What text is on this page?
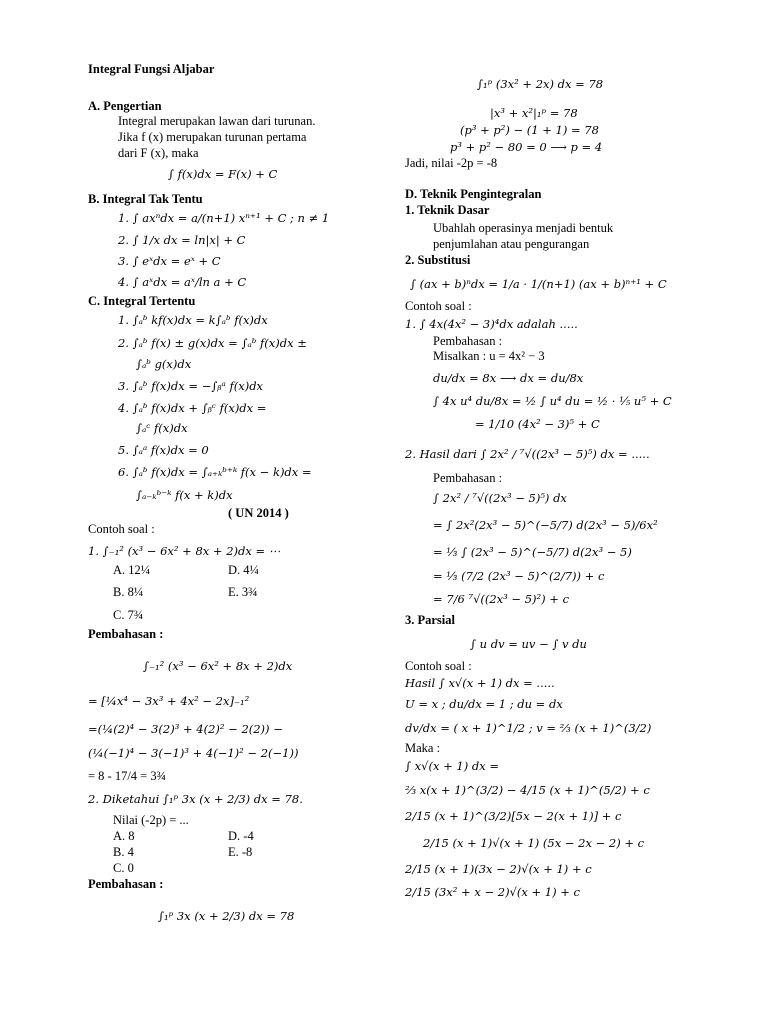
Integral Fungsi Aljabar
A. Pengertian
Integral merupakan lawan dari turunan.
Jika f (x) merupakan turunan pertama
dari F (x), maka
∫ f(x)dx = F(x) + C
B. Integral Tak Tentu
1. ∫ axⁿdx = a/(n+1) xⁿ⁺¹ + C ; n ≠ 1
2. ∫ 1/x dx = ln|x| + C
3. ∫ eˣdx = eˣ + C
4. ∫ aˣdx = aˣ/ln a + C
C. Integral Tertentu
1. ∫ₐᵇ kf(x)dx = k∫ₐᵇ f(x)dx
2. ∫ₐᵇ f(x) ± g(x)dx = ∫ₐᵇ f(x)dx ±
∫ₐᵇ g(x)dx
3. ∫ₐᵇ f(x)dx = −∫ᵦᵃ f(x)dx
4. ∫ₐᵇ f(x)dx + ∫ᵦᶜ f(x)dx =
∫ₐᶜ f(x)dx
5. ∫ₐᵃ f(x)dx = 0
6. ∫ₐᵇ f(x)dx = ∫ₐ₊ₖᵇ⁺ᵏ f(x − k)dx =
∫ₐ₋ₖᵇ⁻ᵏ f(x + k)dx
( UN 2014 )
Contoh soal :
1. ∫₋₁² (x³ − 6x² + 8x + 2)dx = ⋯
A. 12¼	D. 4¼
B. 8¼	E. 3¾
C. 7¾
Pembahasan :
∫₋₁² (x³ − 6x² + 8x + 2)dx
= [¼x⁴ − 3x³ + 4x² − 2x]₋₁²
=(¼(2)⁴ − 3(2)³ + 4(2)² − 2(2)) −
(¼(−1)⁴ − 3(−1)³ + 4(−1)² − 2(−1))
= 8 - 17/4 = 3¾
2. Diketahui ∫₁ᵖ 3x (x + 2/3) dx = 78.
Nilai (-2p) = ...
A. 8	D. -4
B. 4	E. -8
C. 0
Pembahasan :
∫₁ᵖ 3x (x + 2/3) dx = 78
∫₁ᵖ (3x² + 2x) dx = 78
|x³ + x²|₁ᵖ = 78
(p³ + p²) − (1 + 1) = 78
p³ + p² − 80 = 0 ⟶ p = 4
Jadi, nilai -2p = -8
D. Teknik Pengintegralan
1. Teknik Dasar
Ubahlah operasinya menjadi bentuk
penjumlahan atau pengurangan
2. Substitusi
∫ (ax + b)ⁿdx = 1/a · 1/(n+1) (ax + b)ⁿ⁺¹ + C
Contoh soal :
1. ∫ 4x(4x² − 3)⁴dx adalah .....
Pembahasan :
Misalkan : u = 4x² − 3
du/dx = 8x ⟶ dx = du/8x
∫ 4x u⁴ du/8x = ½ ∫ u⁴ du = ½ · ⅕ u⁵ + C
= 1/10 (4x² − 3)⁵ + C
2. Hasil dari ∫ 2x² / ⁷√((2x³ − 5)⁵) dx = .....
Pembahasan :
∫ 2x² / ⁷√((2x³ − 5)⁵) dx
= ∫ 2x²(2x³ − 5)^(−5/7) d(2x³ − 5)/6x²
= ⅓ ∫ (2x³ − 5)^(−5/7) d(2x³ − 5)
= ⅓ (7/2 (2x³ − 5)^(2/7)) + c
= 7/6 ⁷√((2x³ − 5)²) + c
3. Parsial
∫ u dv = uv − ∫ v du
Contoh soal :
Hasil ∫ x√(x + 1) dx = .....
U = x ; du/dx = 1 ; du = dx
dv/dx = ( x + 1)^1/2 ; v = ⅔ (x + 1)^(3/2)
Maka :
∫ x√(x + 1) dx =
⅔ x(x + 1)^(3/2) − 4/15 (x + 1)^(5/2) + c
2/15 (x + 1)^(3/2)[5x − 2(x + 1)] + c
2/15 (x + 1)√(x + 1) (5x − 2x − 2) + c
2/15 (x + 1)(3x − 2)√(x + 1) + c
2/15 (3x² + x − 2)√(x + 1) + c
